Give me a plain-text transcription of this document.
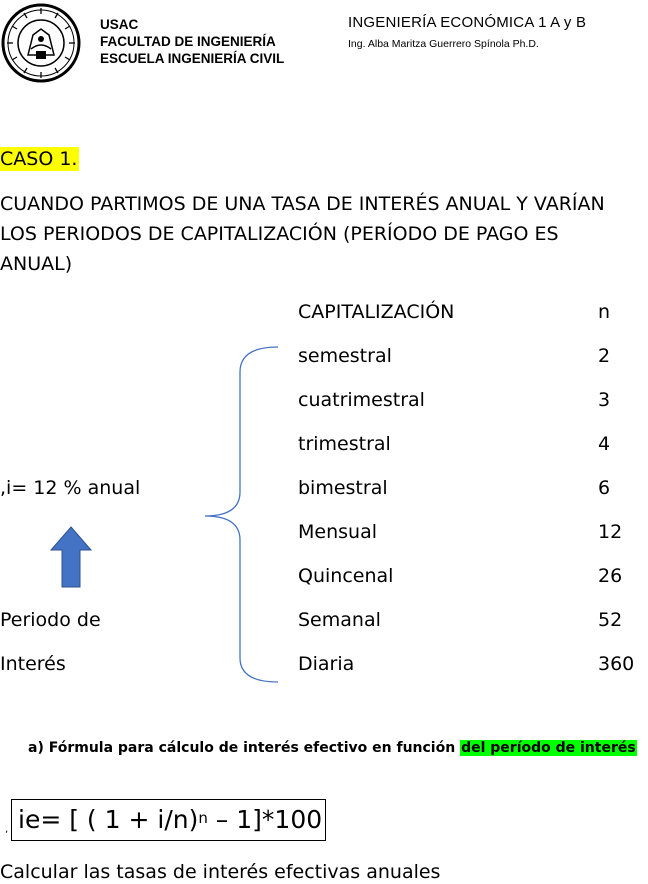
USAC
FACULTAD DE INGENIERÍA
ESCUELA INGENIERÍA CIVIL
INGENIERÍA ECONÓMICA 1 A y B
Ing. Alba Maritza Guerrero Spínola Ph.D.
CASO 1.
CUANDO PARTIMOS DE UNA TASA DE INTERÉS ANUAL Y VARÍAN
LOS PERIODOS DE CAPITALIZACIÓN (PERÍODO DE PAGO ES
ANUAL)
CAPITALIZACIÓN	n
semestral	2
cuatrimestral	3
trimestral	4
bimestral	6
Mensual	12
Quincenal	26
Semanal	52
Diaria	360
,i= 12 % anual
Periodo de
Interés
a) Fórmula para cálculo de interés efectivo en función del período de interés
, ie= [ ( 1 + i/n)$^n$ – 1]*100
Calcular las tasas de interés efectivas anuales
